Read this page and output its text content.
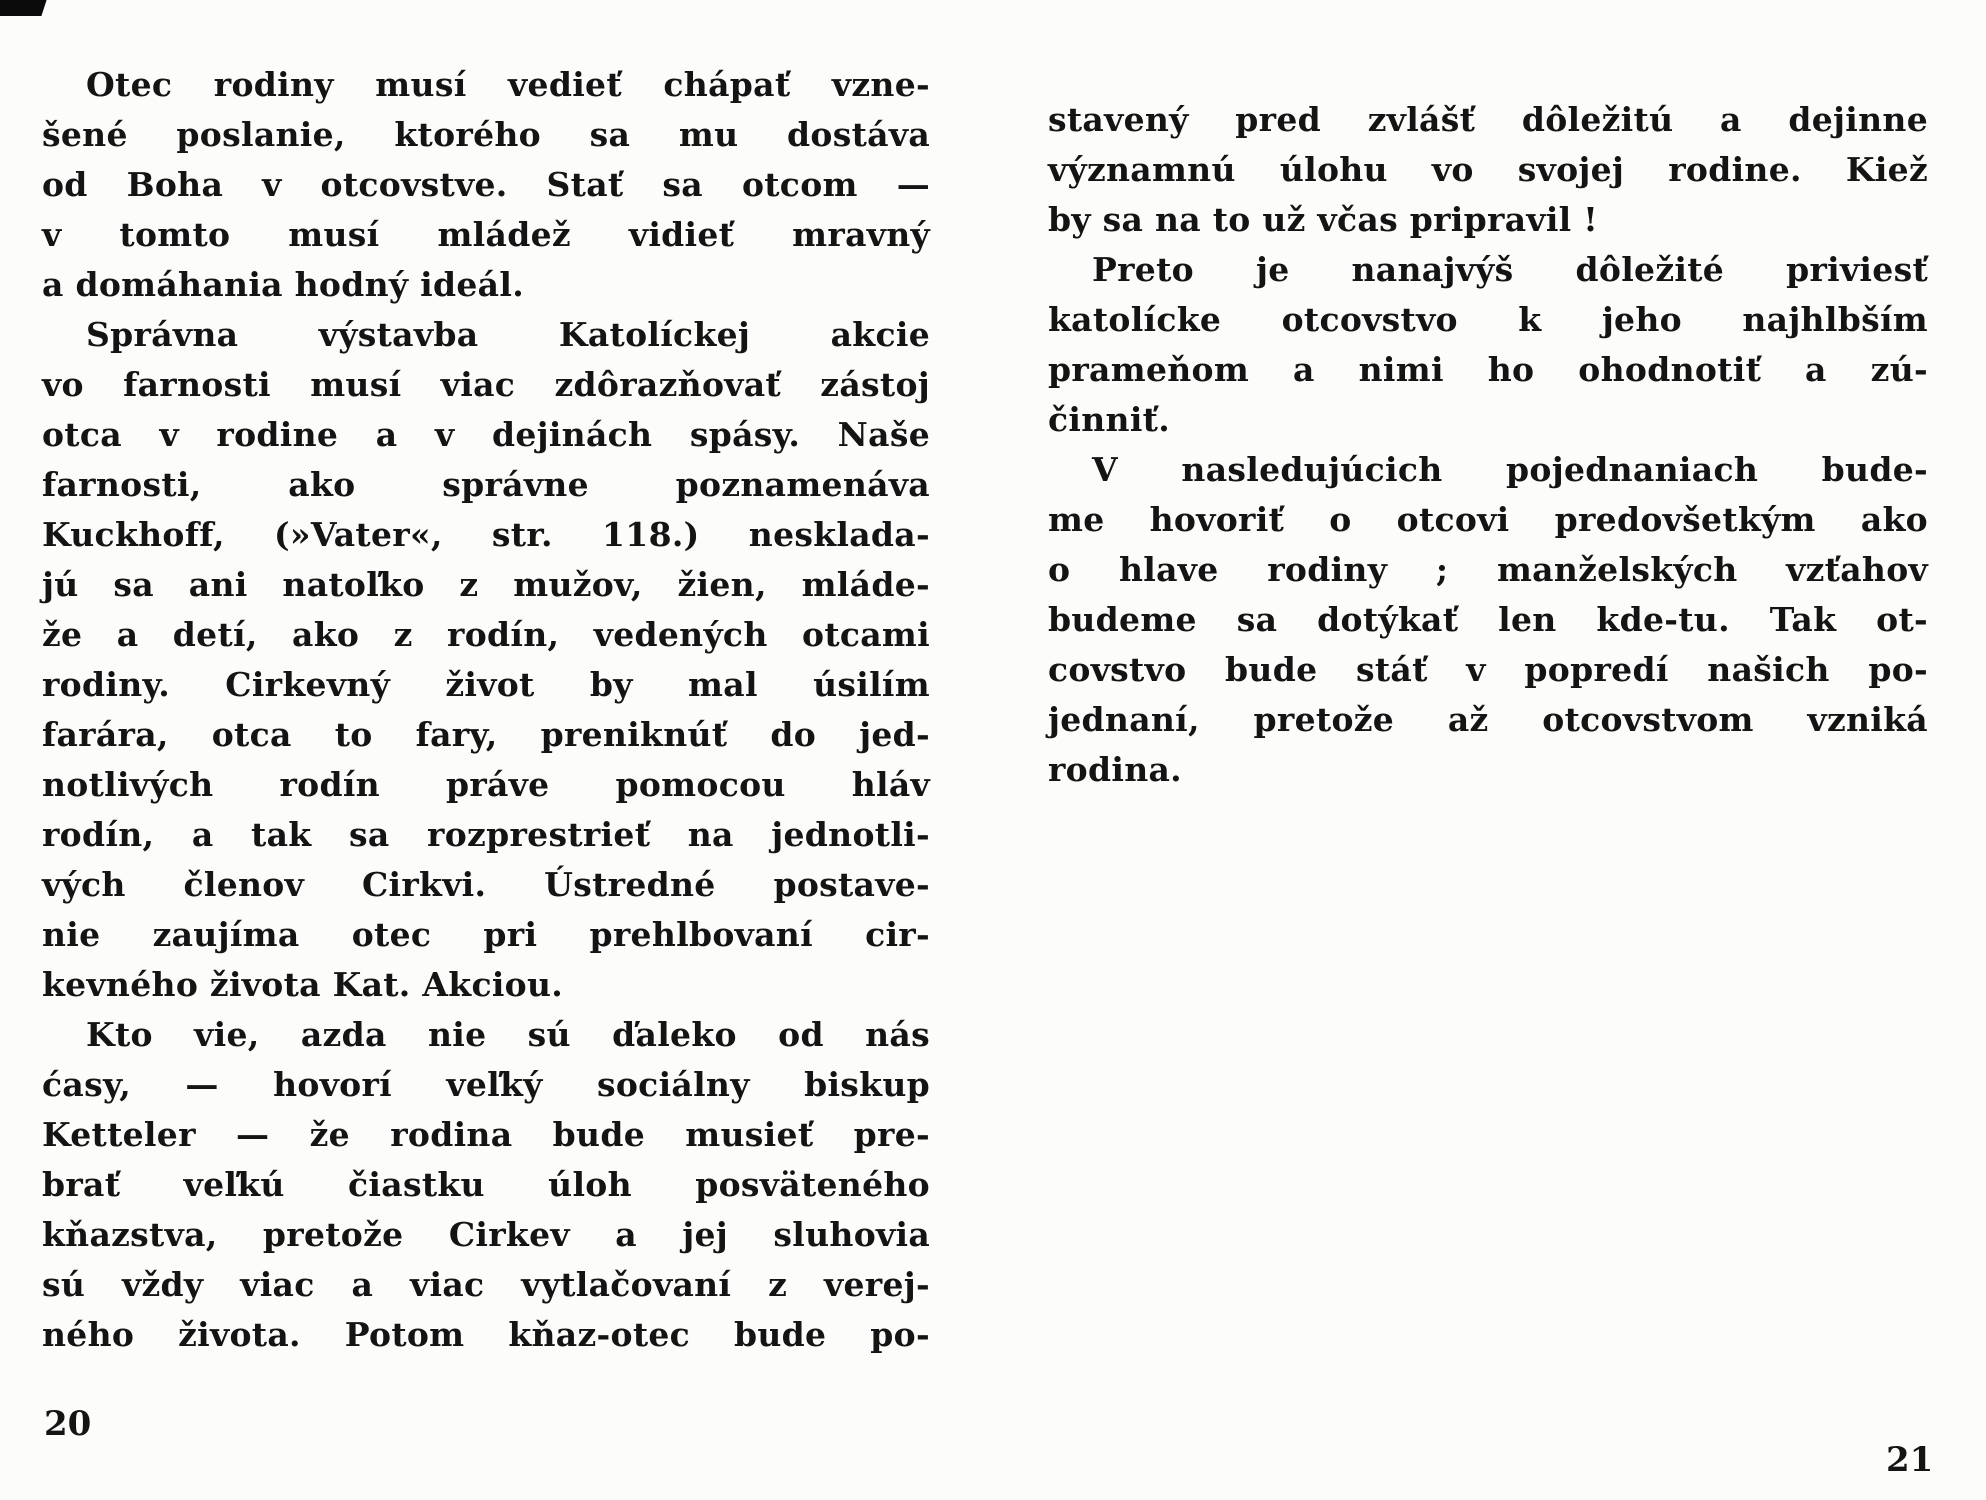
Otec rodiny musí vedieť chápať vzne-
šené poslanie, ktorého sa mu dostáva
od Boha v otcovstve. Stať sa otcom —
v tomto musí mládež vidieť mravný
a domáhania hodný ideál.
Správna výstavba Katolíckej akcie
vo farnosti musí viac zdôrazňovať zástoj
otca v rodine a v dejinách spásy. Naše
farnosti, ako správne poznamenáva
Kuckhoff, (»Vater«, str. 118.) nesklada-
jú sa ani natoľko z mužov, žien, mláde-
že a detí, ako z rodín, vedených otcami
rodiny. Cirkevný život by mal úsilím
farára, otca to fary, preniknúť do jed-
notlivých rodín práve pomocou hláv
rodín, a tak sa rozprestrieť na jednotli-
vých členov Cirkvi. Ústredné postave-
nie zaujíma otec pri prehlbovaní cir-
kevného života Kat. Akciou.
Kto vie, azda nie sú ďaleko od nás
ćasy, — hovorí veľký sociálny biskup
Ketteler — že rodina bude musieť pre-
brať veľkú čiastku úloh posväteného
kňazstva, pretože Cirkev a jej sluhovia
sú vždy viac a viac vytlačovaní z verej-
ného života. Potom kňaz-otec bude po-
stavený pred zvlášť dôležitú a dejinne
významnú úlohu vo svojej rodine. Kiež
by sa na to už včas pripravil !
Preto je nanajvýš dôležité priviesť
katolícke otcovstvo k jeho najhlbším
prameňom a nimi ho ohodnotiť a zú-
činniť.
V nasledujúcich pojednaniach bude-
me hovoriť o otcovi predovšetkým ako
o hlave rodiny ; manželských vzťahov
budeme sa dotýkať len kde-tu. Tak ot-
covstvo bude stáť v popredí našich po-
jednaní, pretože až otcovstvom vzniká
rodina.
20
21
